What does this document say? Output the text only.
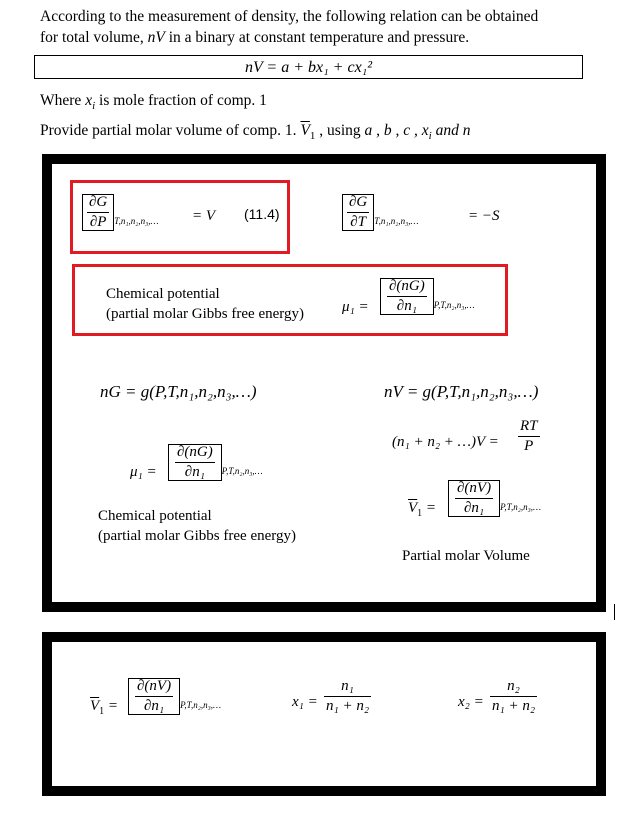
According to the measurement of density, the following relation can be obtained
for total volume, nV in a binary at constant temperature and pressure.
nV = a + bx₁ + cx₁²
Where $x_i$ is mole fraction of comp. 1
Provide partial molar volume of comp. 1. $\overline{V}_1$ , using a , b , c , $x_i$ and n
$\frac{\partial G}{\partial P} _{T,n_1,n_2,n_3,\dots} = V$ (11.4)	$\frac{\partial G}{\partial T} _{T,n_1,n_2,n_3,\dots}$	= −S
Chemical potential
(partial molar Gibbs free energy)	$\mu_1 = \frac{\partial(nG)}{\text{∂n₁}} _{P,T,n_2,n_3,\dots}$
nG = g(P,T,n₁,n₂,n₃,…)	nV = g(P,T,n₁,n₂,n₃,…)
(n₁ + n₂ + …)V = $\frac{RT}{P}$
$\mu_1 = \frac{\partial(nG)}{\text{∂n₁}} _{P,T,n_2,n_3,\dots}$
Chemical potential
(partial molar Gibbs free energy)
$\overline{V}_1 = \frac{\partial(nV)}{\text{∂n₁}} _{P,T,n_2,n_3,\dots}$
Partial molar Volume
$\overline{V}_1 = \frac{\partial(nV)}{\text{∂n₁}} _{P,T,n_2,n_3,\dots}$	$x_1 = \frac{\text{n₁}}{\text{n₁ + n₂}}$	$x_2 = \frac{\text{n₂}}{\text{n₁ + n₂}}$
